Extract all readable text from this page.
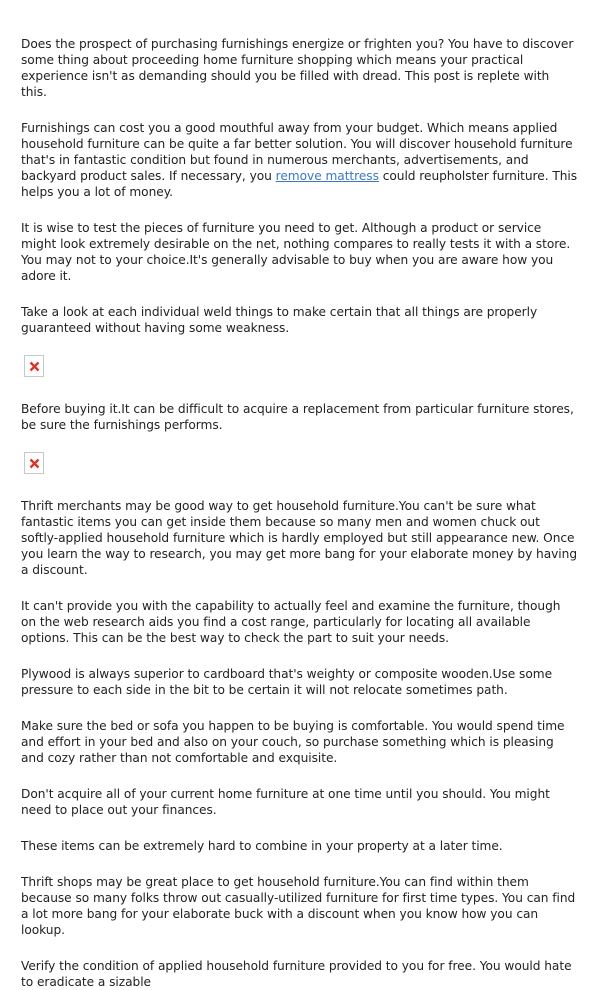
Does the prospect of purchasing furnishings energize or frighten you? You have to discover some thing about proceeding home furniture shopping which means your practical experience isn't as demanding should you be filled with dread. This post is replete with this.

Furnishings can cost you a good mouthful away from your budget. Which means applied household furniture can be quite a far better solution. You will discover household furniture that's in fantastic condition but found in numerous merchants, advertisements, and backyard product sales. If necessary, you remove mattress could reupholster furniture. This helps you a lot of money.

It is wise to test the pieces of furniture you need to get. Although a product or service might look extremely desirable on the net, nothing compares to really tests it with a store. You may not to your choice.It's generally advisable to buy when you are aware how you adore it.

Take a look at each individual weld things to make certain that all things are properly guaranteed without having some weakness.

Before buying it.It can be difficult to acquire a replacement from particular furniture stores, be sure the furnishings performs.

Thrift merchants may be good way to get household furniture.You can't be sure what fantastic items you can get inside them because so many men and women chuck out softly-applied household furniture which is hardly employed but still appearance new. Once you learn the way to research, you may get more bang for your elaborate money by having a discount.

It can't provide you with the capability to actually feel and examine the furniture, though on the web research aids you find a cost range, particularly for locating all available options. This can be the best way to check the part to suit your needs.

Plywood is always superior to cardboard that's weighty or composite wooden.Use some pressure to each side in the bit to be certain it will not relocate sometimes path.

Make sure the bed or sofa you happen to be buying is comfortable. You would spend time and effort in your bed and also on your couch, so purchase something which is pleasing and cozy rather than not comfortable and exquisite.

Don't acquire all of your current home furniture at one time until you should. You might need to place out your finances.

These items can be extremely hard to combine in your property at a later time.

Thrift shops may be great place to get household furniture.You can find within them because so many folks throw out casually-utilized furniture for first time types. You can find a lot more bang for your elaborate buck with a discount when you know how you can lookup.

Verify the condition of applied household furniture provided to you for free. You would hate to eradicate a sizable
